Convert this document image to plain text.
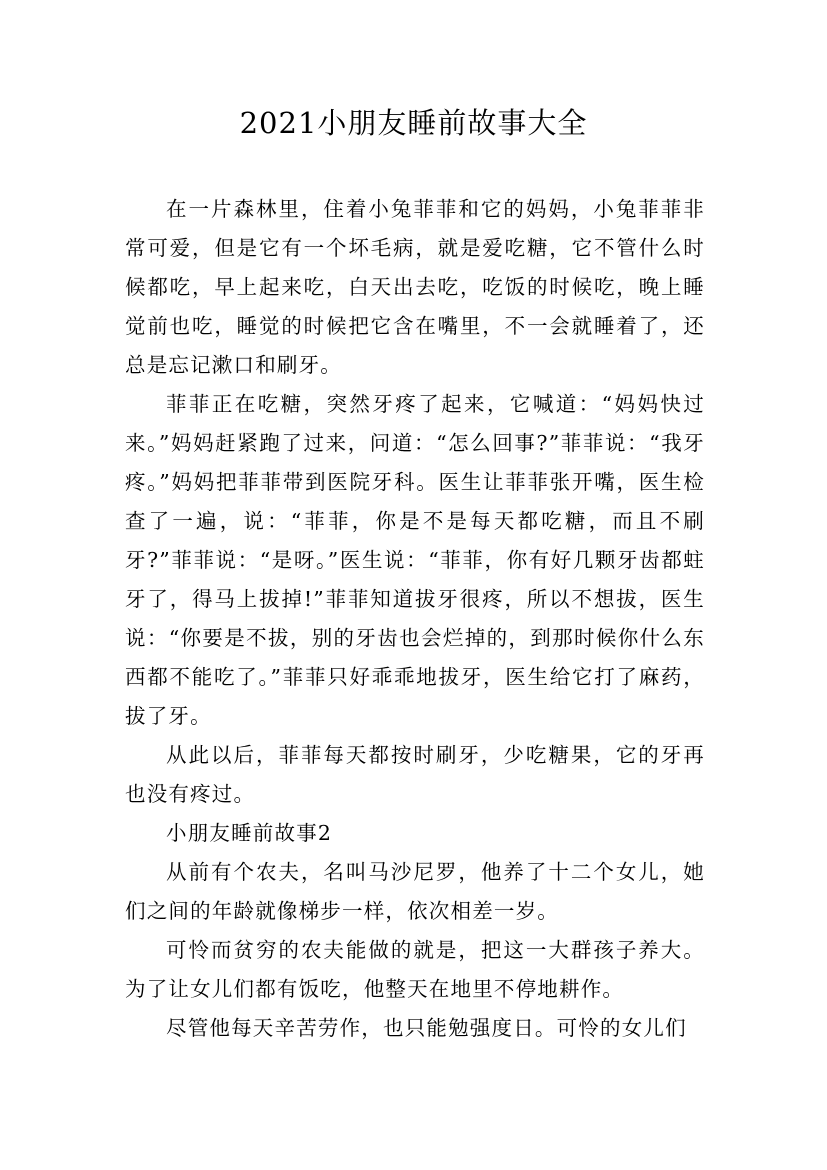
2021小朋友睡前故事大全

在一片森林里，住着小兔菲菲和它的妈妈，小兔菲菲非常可爱，但是它有一个坏毛病，就是爱吃糖，它不管什么时候都吃，早上起来吃，白天出去吃，吃饭的时候吃，晚上睡觉前也吃，睡觉的时候把它含在嘴里，不一会就睡着了，还总是忘记漱口和刷牙。

菲菲正在吃糖，突然牙疼了起来，它喊道：“妈妈快过来。”妈妈赶紧跑了过来，问道：“怎么回事?”菲菲说：“我牙疼。”妈妈把菲菲带到医院牙科。医生让菲菲张开嘴，医生检查了一遍，说：“菲菲，你是不是每天都吃糖，而且不刷牙?”菲菲说：“是呀。”医生说：“菲菲，你有好几颗牙齿都蛀牙了，得马上拔掉!”菲菲知道拔牙很疼，所以不想拔，医生说：“你要是不拔，别的牙齿也会烂掉的，到那时候你什么东西都不能吃了。”菲菲只好乖乖地拔牙，医生给它打了麻药，拔了牙。

从此以后，菲菲每天都按时刷牙，少吃糖果，它的牙再也没有疼过。

小朋友睡前故事2

从前有个农夫，名叫马沙尼罗，他养了十二个女儿，她们之间的年龄就像梯步一样，依次相差一岁。

可怜而贫穷的农夫能做的就是，把这一大群孩子养大。为了让女儿们都有饭吃，他整天在地里不停地耕作。

尽管他每天辛苦劳作，也只能勉强度日。可怜的女儿们
